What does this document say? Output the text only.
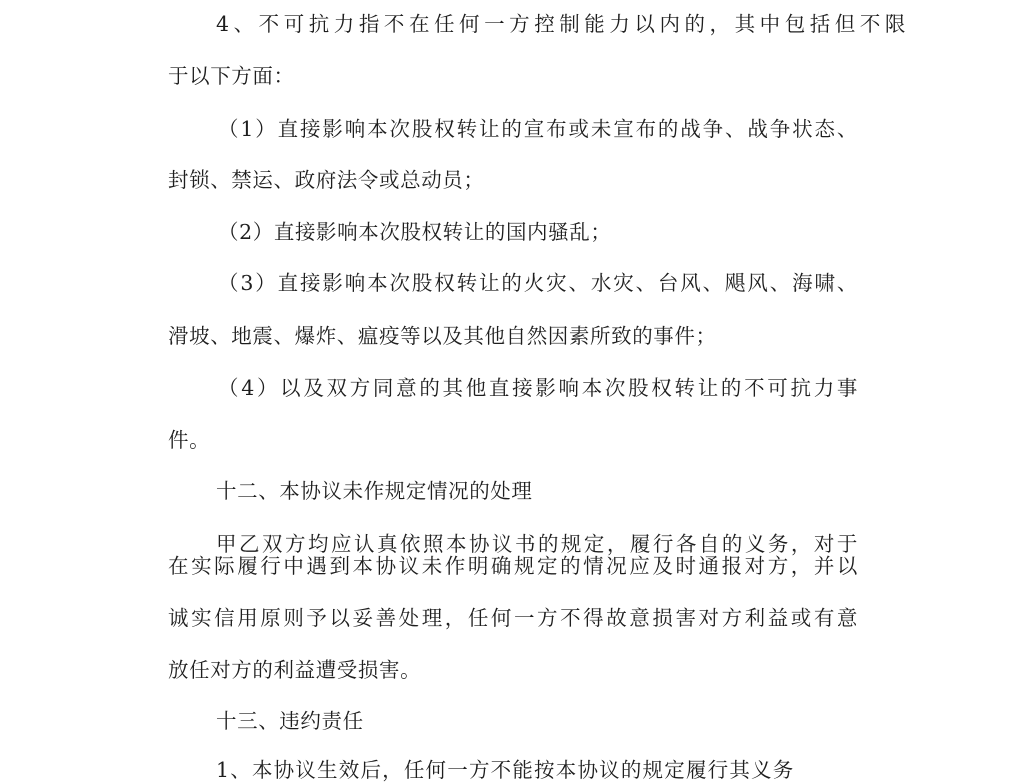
4、不可抗力指不在任何一方控制能力以内的，其中包括但不限
于以下方面：
（1）直接影响本次股权转让的宣布或未宣布的战争、战争状态、
封锁、禁运、政府法令或总动员；
（2）直接影响本次股权转让的国内骚乱；
（3）直接影响本次股权转让的火灾、水灾、台风、飓风、海啸、
滑坡、地震、爆炸、瘟疫等以及其他自然因素所致的事件；
（4）以及双方同意的其他直接影响本次股权转让的不可抗力事
件。
十二、本协议未作规定情况的处理
甲乙双方均应认真依照本协议书的规定，履行各自的义务，对于
在实际履行中遇到本协议未作明确规定的情况应及时通报对方，并以
诚实信用原则予以妥善处理，任何一方不得故意损害对方利益或有意
放任对方的利益遭受损害。
十三、违约责任
1、本协议生效后，任何一方不能按本协议的规定履行其义务
